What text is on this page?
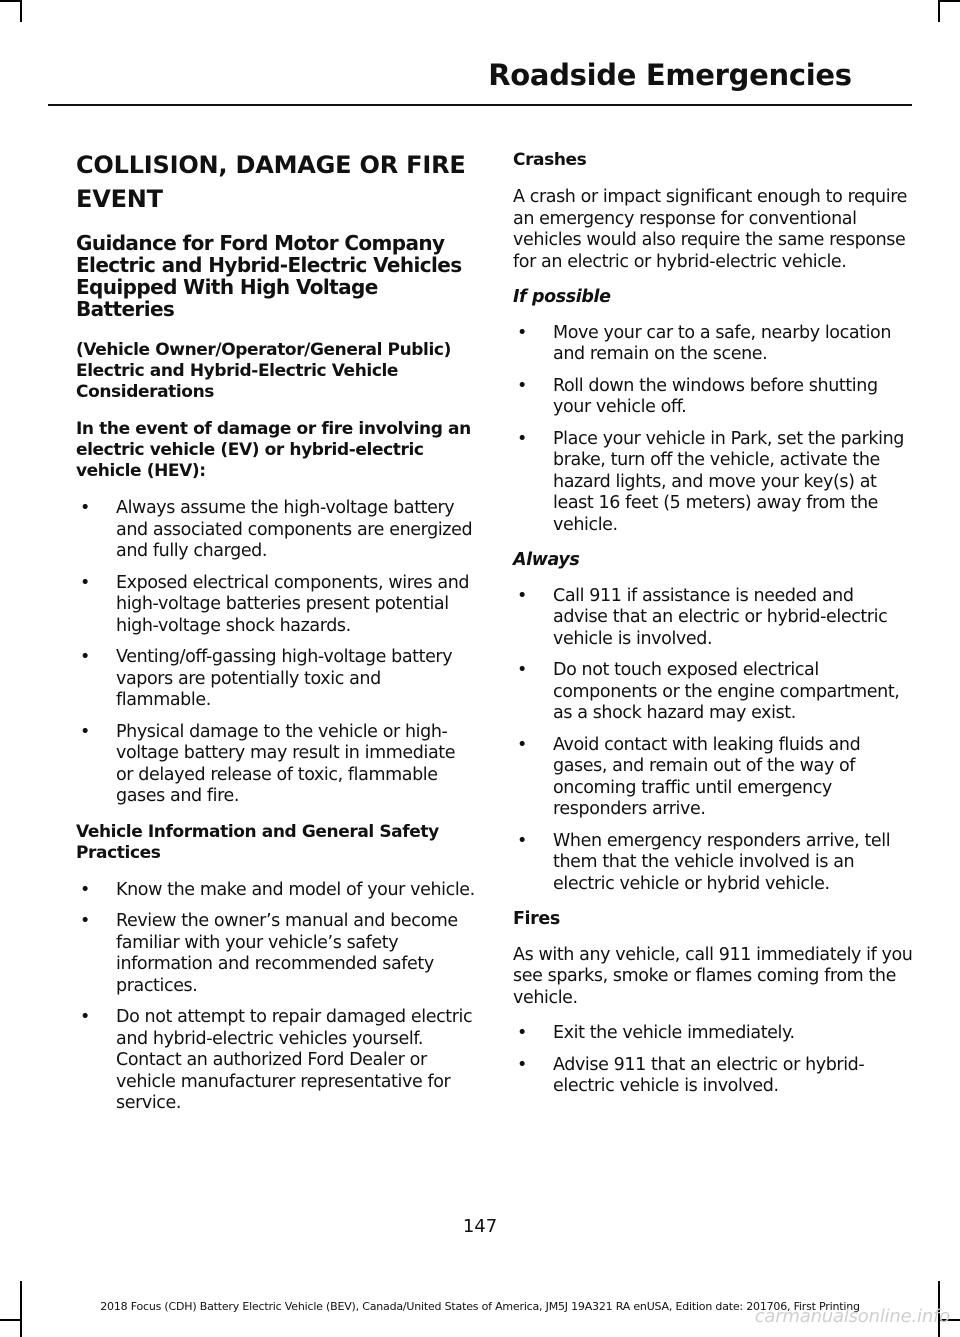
Roadside Emergencies
COLLISION, DAMAGE OR FIRE
EVENT
Guidance for Ford Motor Company Electric and Hybrid-Electric Vehicles Equipped With High Voltage Batteries
(Vehicle Owner/Operator/General Public)
Electric and Hybrid-Electric Vehicle Considerations
In the event of damage or fire involving an electric vehicle (EV) or hybrid-electric vehicle (HEV):
• Always assume the high-voltage battery and associated components are energized and fully charged.
• Exposed electrical components, wires and high-voltage batteries present potential high-voltage shock hazards.
• Venting/off-gassing high-voltage battery vapors are potentially toxic and flammable.
• Physical damage to the vehicle or high-voltage battery may result in immediate or delayed release of toxic, flammable gases and fire.
Vehicle Information and General Safety Practices
• Know the make and model of your vehicle.
• Review the owner’s manual and become familiar with your vehicle’s safety information and recommended safety practices.
• Do not attempt to repair damaged electric and hybrid-electric vehicles yourself. Contact an authorized Ford Dealer or vehicle manufacturer representative for service.
Crashes

A crash or impact significant enough to require an emergency response for conventional vehicles would also require the same response for an electric or hybrid-electric vehicle.

If possible

• Move your car to a safe, nearby location and remain on the scene.
• Roll down the windows before shutting your vehicle off.
• Place your vehicle in Park, set the parking brake, turn off the vehicle, activate the hazard lights, and move your key(s) at least 16 feet (5 meters) away from the vehicle.

Always

• Call 911 if assistance is needed and advise that an electric or hybrid-electric vehicle is involved.
• Do not touch exposed electrical components or the engine compartment, as a shock hazard may exist.
• Avoid contact with leaking fluids and gases, and remain out of the way of oncoming traffic until emergency responders arrive.
• When emergency responders arrive, tell them that the vehicle involved is an electric vehicle or hybrid vehicle.

Fires

As with any vehicle, call 911 immediately if you see sparks, smoke or flames coming from the vehicle.

• Exit the vehicle immediately.
• Advise 911 that an electric or hybrid-electric vehicle is involved.
147
2018 Focus (CDH) Battery Electric Vehicle (BEV), Canada/United States of America, JM5J 19A321 RA enUSA, Edition date: 201706, First Printing
carmanualsonline.info
